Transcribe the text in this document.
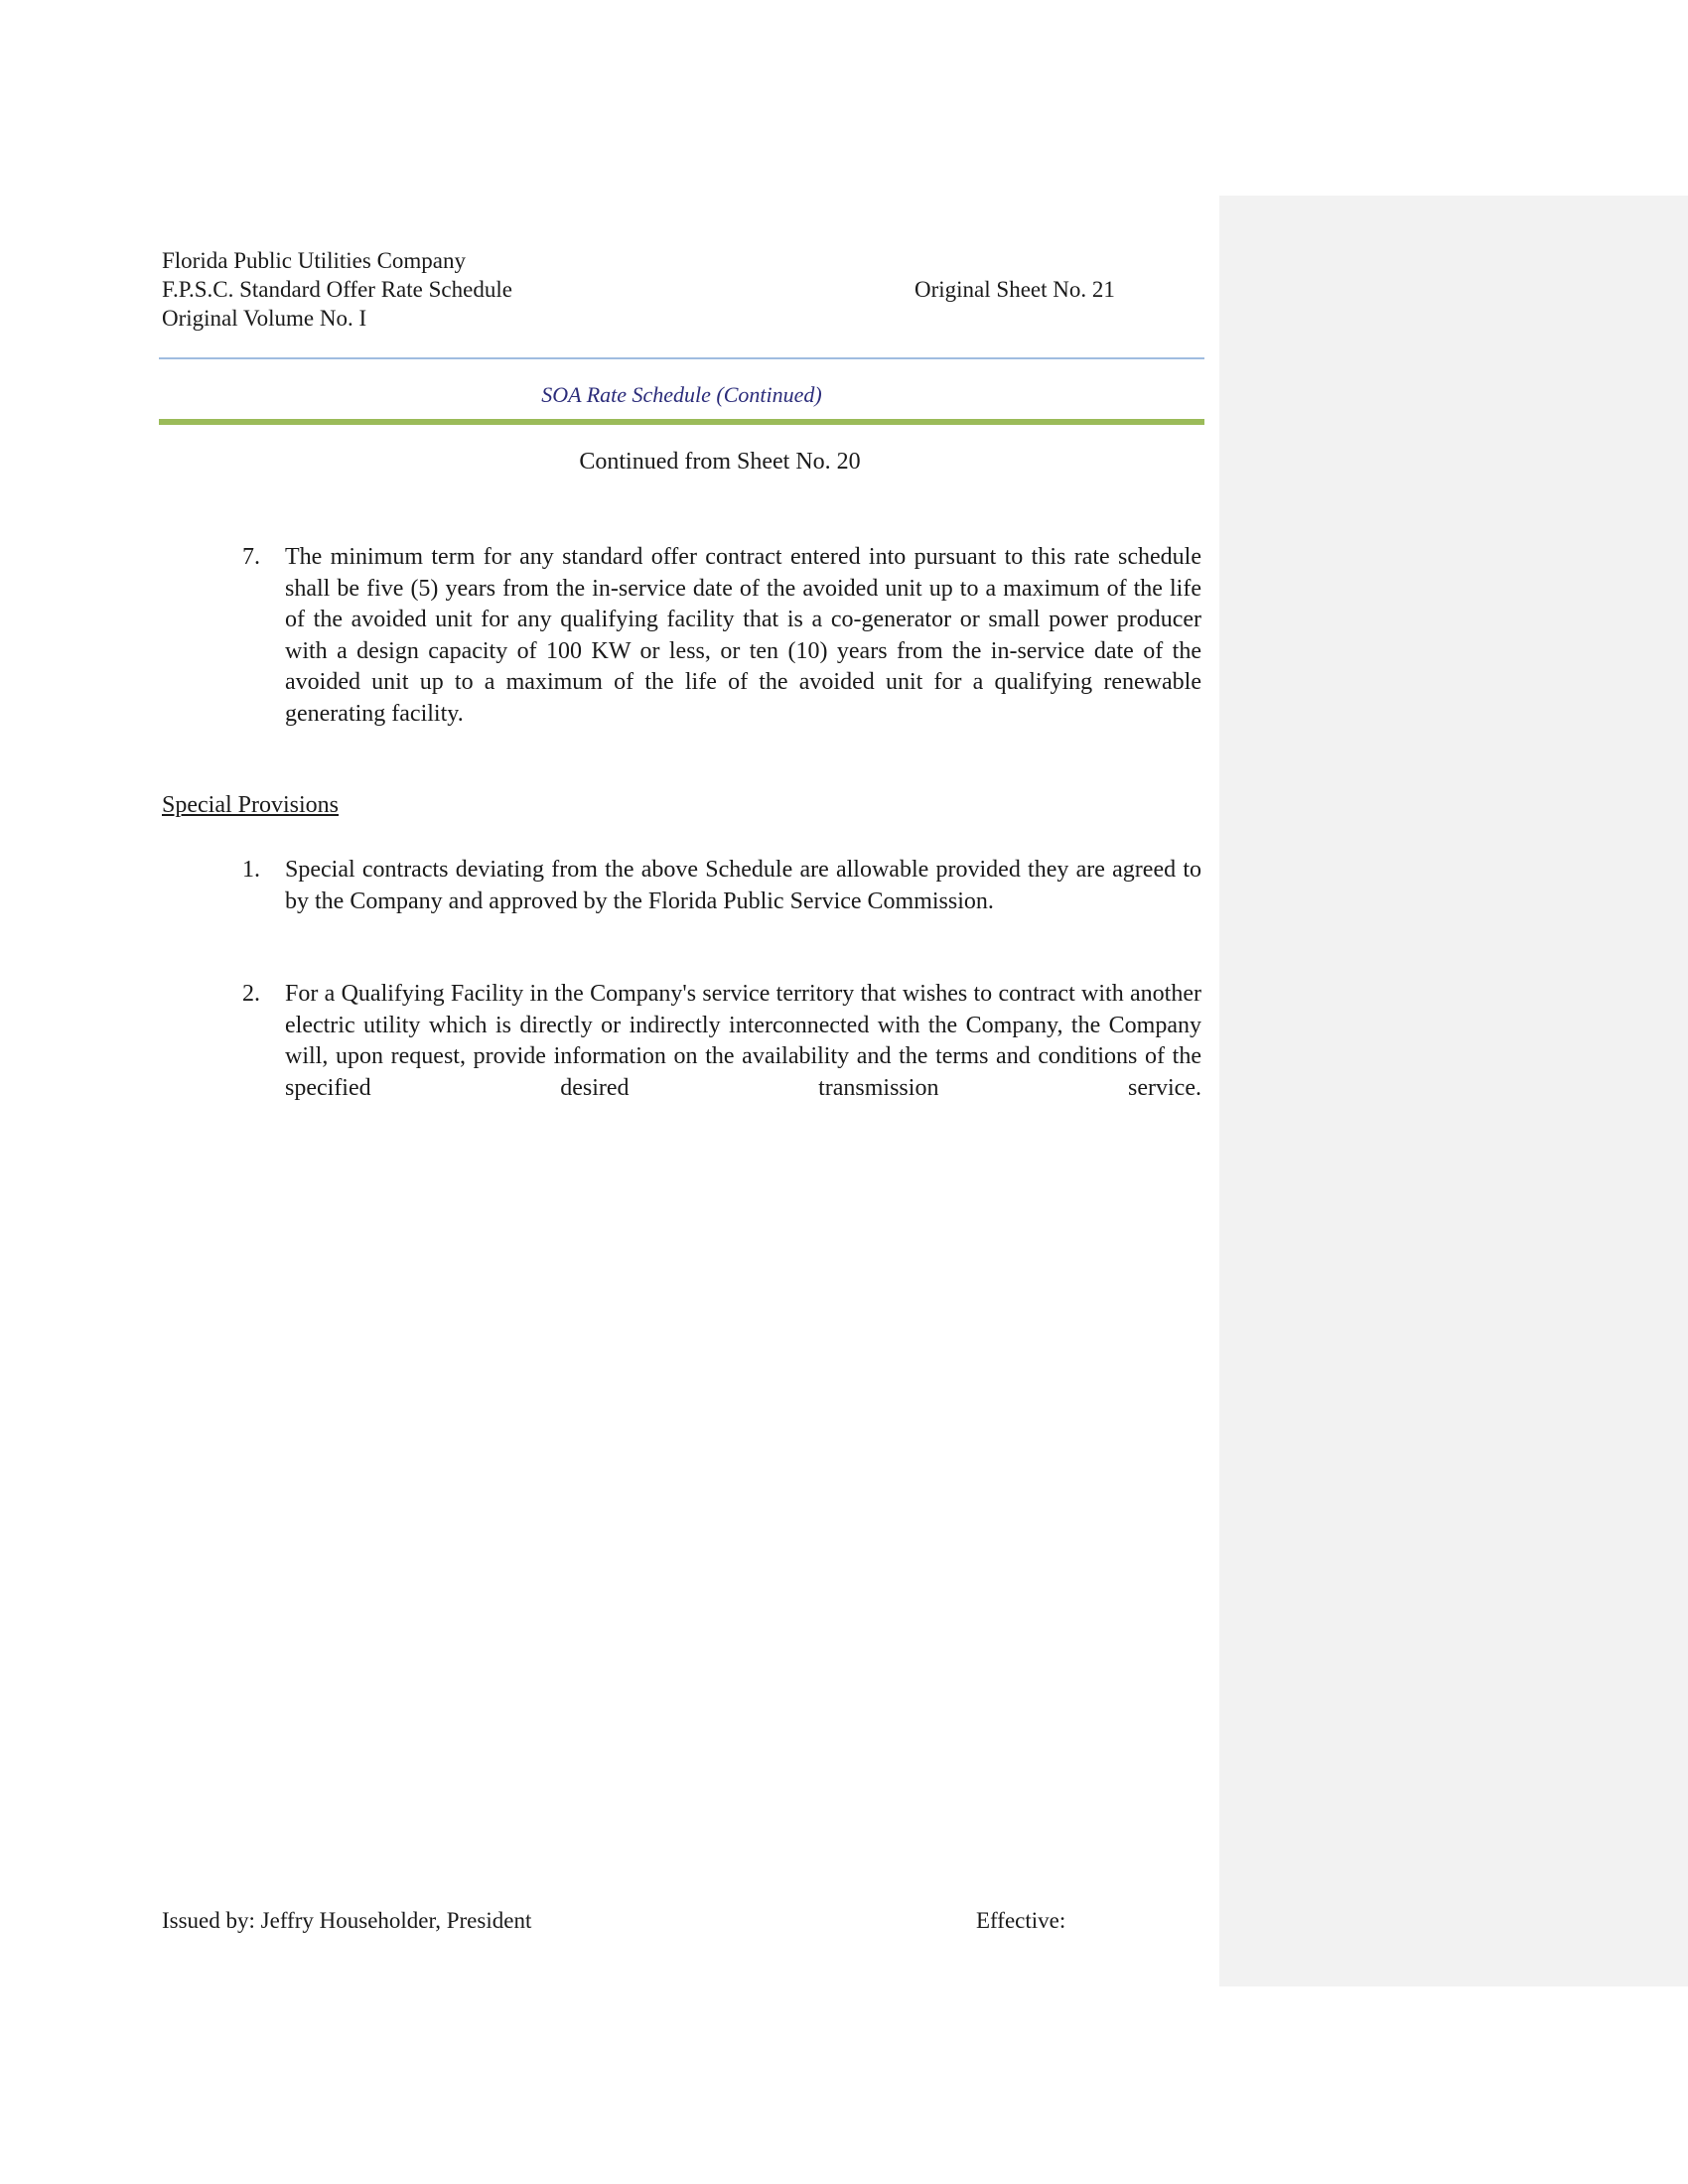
Florida Public Utilities Company
F.P.S.C. Standard Offer Rate Schedule
Original Volume No. I
Original Sheet No. 21
SOA Rate Schedule (Continued)
Continued from Sheet No. 20
7.	The minimum term for any standard offer contract entered into pursuant to this rate schedule shall be five (5) years from the in-service date of the avoided unit up to a maximum of the life of the avoided unit for any qualifying facility that is a co-generator or small power producer with a design capacity of 100 KW or less, or ten (10) years from the in-service date of the avoided unit up to a maximum of the life of the avoided unit for a qualifying renewable generating facility.
Special Provisions
1.	Special contracts deviating from the above Schedule are allowable provided they are agreed to by the Company and approved by the Florida Public Service Commission.
2.	For a Qualifying Facility in the Company's service territory that wishes to contract with another electric utility which is directly or indirectly interconnected with the Company, the Company will, upon request, provide information on the availability and the terms and conditions of the specified desired transmission service.
Issued by: Jeffry Householder, President	Effective:
